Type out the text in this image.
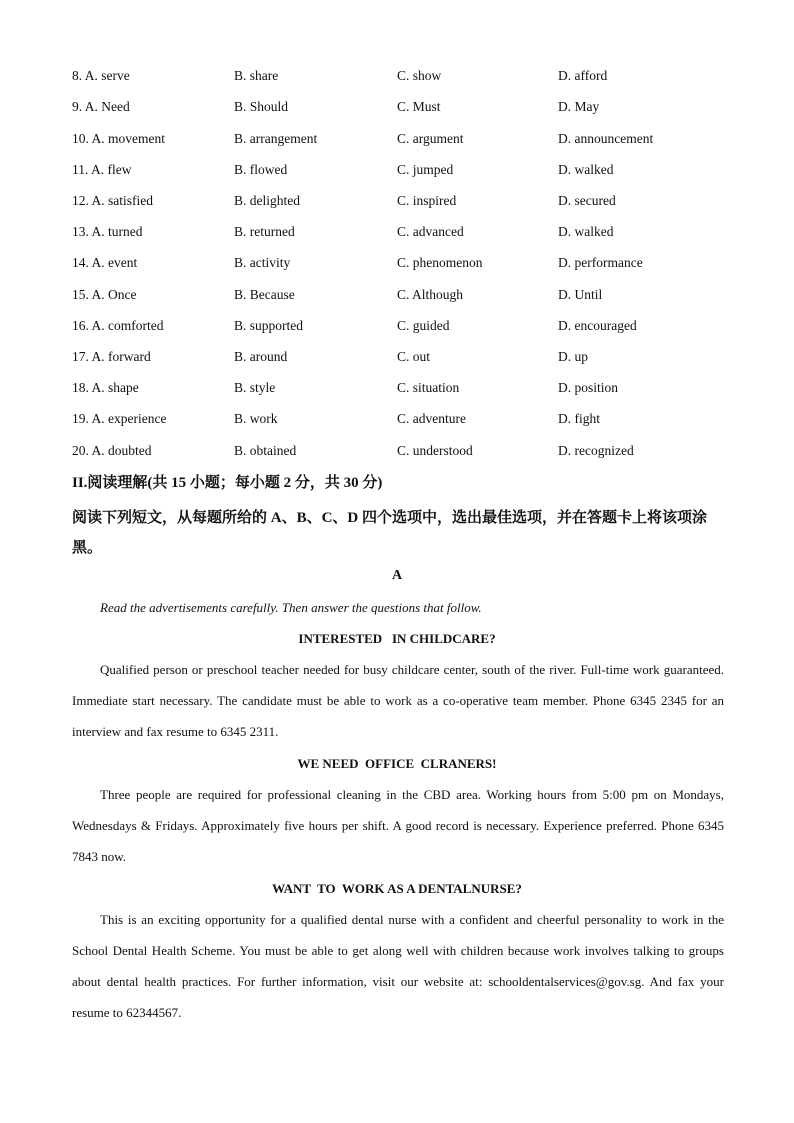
8. A. serve	B. share	C. show	D. afford
9. A. Need	B. Should	C. Must	D. May
10. A. movement	B. arrangement	C. argument	D. announcement
11. A. flew	B. flowed	C. jumped	D. walked
12. A. satisfied	B. delighted	C. inspired	D. secured
13. A. turned	B. returned	C. advanced	D. walked
14. A. event	B. activity	C. phenomenon	D. performance
15. A. Once	B. Because	C. Although	D. Until
16. A. comforted	B. supported	C. guided	D. encouraged
17. A. forward	B. around	C. out	D. up
18. A. shape	B. style	C. situation	D. position
19. A. experience	B. work	C. adventure	D. fight
20. A. doubted	B. obtained	C. understood	D. recognized
II.阅读理解(共 15 小题；每小题 2 分，共 30 分)
阅读下列短文，从每题所给的 A、B、C、D 四个选项中，选出最佳选项，并在答题卡上将该项涂黑。
A
Read the advertisements carefully. Then answer the questions that follow.
INTERESTED   IN CHILDCARE?
Qualified person or preschool teacher needed for busy childcare center, south of the river. Full-time work guaranteed. Immediate start necessary. The candidate must be able to work as a co-operative team member. Phone 6345 2345 for an interview and fax resume to 6345 2311.
WE NEED  OFFICE  CLRANERS!
Three people are required for professional cleaning in the CBD area. Working hours from 5:00 pm on Mondays, Wednesdays & Fridays. Approximately five hours per shift. A good record is necessary. Experience preferred. Phone 6345 7843 now.
WANT  TO  WORK AS A DENTALNURSE?
This is an exciting opportunity for a qualified dental nurse with a confident and cheerful personality to work in the School Dental Health Scheme. You must be able to get along well with children because work involves talking to groups about dental health practices. For further information, visit our website at: schooldentalservices@gov.sg. And fax your resume to 62344567.
